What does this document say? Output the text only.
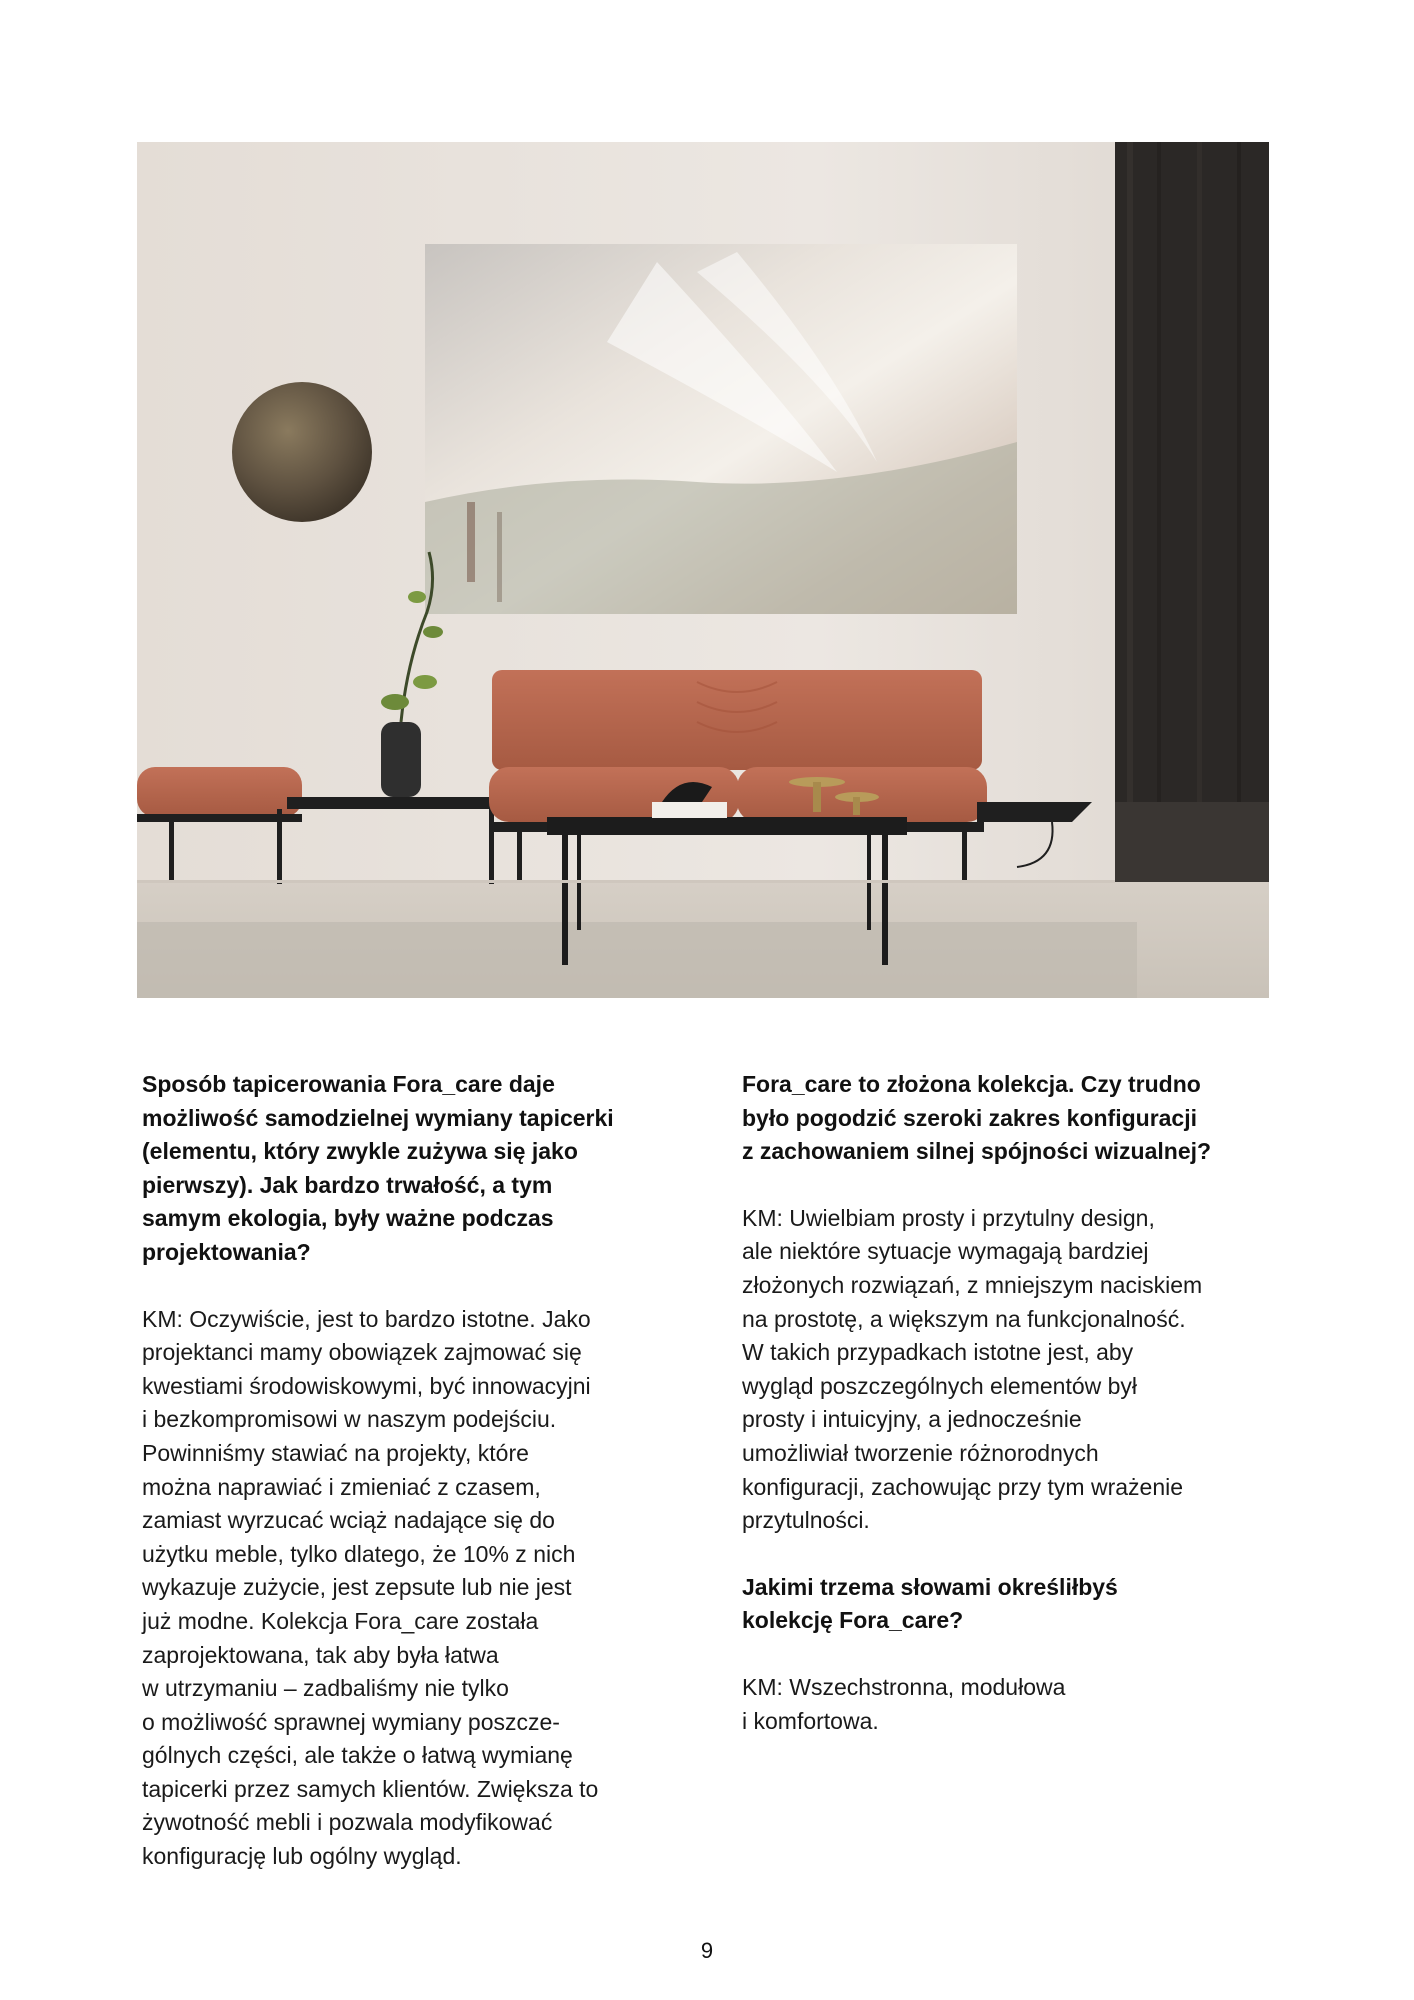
Sposób tapicerowania Fora_care daje
możliwość samodzielnej wymiany tapicerki
(elementu, który zwykle zużywa się jako
pierwszy). Jak bardzo trwałość, a tym
samym ekologia, były ważne podczas
projektowania?

KM: Oczywiście, jest to bardzo istotne. Jako
projektanci mamy obowiązek zajmować się
kwestiami środowiskowymi, być innowacyjni
i bezkompromisowi w naszym podejściu.
Powinniśmy stawiać na projekty, które
można naprawiać i zmieniać z czasem,
zamiast wyrzucać wciąż nadające się do
użytku meble, tylko dlatego, że 10% z nich
wykazuje zużycie, jest zepsute lub nie jest
już modne. Kolekcja Fora_care została
zaprojektowana, tak aby była łatwa
w utrzymaniu – zadbaliśmy nie tylko
o możliwość sprawnej wymiany poszcze-
gólnych części, ale także o łatwą wymianę
tapicerki przez samych klientów. Zwiększa to
żywotność mebli i pozwala modyfikować
konfigurację lub ogólny wygląd.

Fora_care to złożona kolekcja. Czy trudno
było pogodzić szeroki zakres konfiguracji
z zachowaniem silnej spójności wizualnej?

KM: Uwielbiam prosty i przytulny design,
ale niektóre sytuacje wymagają bardziej
złożonych rozwiązań, z mniejszym naciskiem
na prostotę, a większym na funkcjonalność.
W takich przypadkach istotne jest, aby
wygląd poszczególnych elementów był
prosty i intuicyjny, a jednocześnie
umożliwiał tworzenie różnorodnych
konfiguracji, zachowując przy tym wrażenie
przytulności.

Jakimi trzema słowami określiłbyś
kolekcję Fora_care?

KM: Wszechstronna, modułowa
i komfortowa.

9
